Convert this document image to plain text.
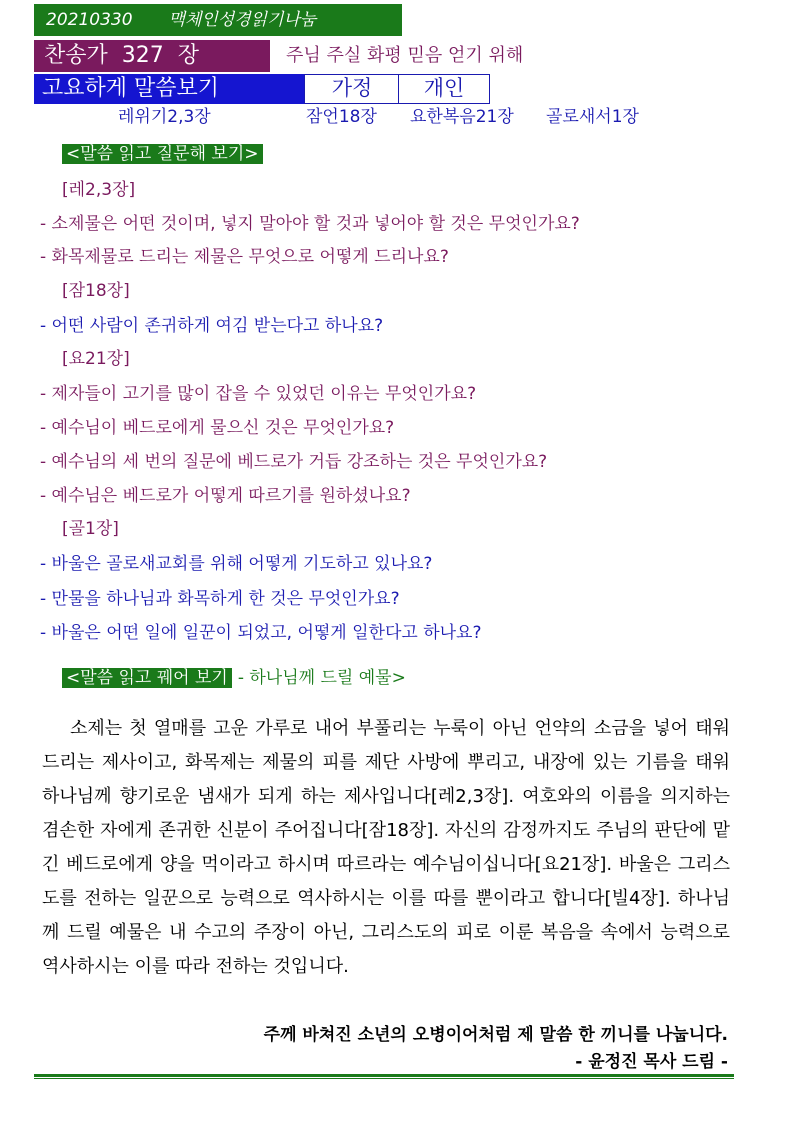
20210330 맥체인성경읽기나눔
찬송가 327 장	주님 주실 화평 믿음 얻기 위해
고요하게 말씀보기	가정	개인
레위기2,3장	잠언18장 요한복음21장 골로새서1장
<말씀 읽고 질문해 보기>
[레2,3장]
- 소제물은 어떤 것이며, 넣지 말아야 할 것과 넣어야 할 것은 무엇인가요?
- 화목제물로 드리는 제물은 무엇으로 어떻게 드리나요?
[잠18장]
- 어떤 사람이 존귀하게 여김 받는다고 하나요?
[요21장]
- 제자들이 고기를 많이 잡을 수 있었던 이유는 무엇인가요?
- 예수님이 베드로에게 물으신 것은 무엇인가요?
- 예수님의 세 번의 질문에 베드로가 거듭 강조하는 것은 무엇인가요?
- 예수님은 베드로가 어떻게 따르기를 원하셨나요?
[골1장]
- 바울은 골로새교회를 위해 어떻게 기도하고 있나요?
- 만물을 하나님과 화목하게 한 것은 무엇인가요?
- 바울은 어떤 일에 일꾼이 되었고, 어떻게 일한다고 하나요?
<말씀 읽고 꿰어 보기 - 하나님께 드릴 예물>
소제는 첫 열매를 고운 가루로 내어 부풀리는 누룩이 아닌 언약의 소금을 넣어 태워 드리는 제사이고, 화목제는 제물의 피를 제단 사방에 뿌리고, 내장에 있는 기름을 태워 하나님께 향기로운 냄새가 되게 하는 제사입니다[레2,3장]. 여호와의 이름을 의지하는 겸손한 자에게 존귀한 신분이 주어집니다[잠18장]. 자신의 감정까지도 주님의 판단에 맡긴 베드로에게 양을 먹이라고 하시며 따르라는 예수님이십니다[요21장]. 바울은 그리스도를 전하는 일꾼으로 능력으로 역사하시는 이를 따를 뿐이라고 합니다[빌4장]. 하나님께 드릴 예물은 내 수고의 주장이 아닌, 그리스도의 피로 이룬 복음을 속에서 능력으로 역사하시는 이를 따라 전하는 것입니다.
주께 바쳐진 소년의 오병이어처럼 제 말씀 한 끼니를 나눕니다.
- 윤정진 목사 드림 -
